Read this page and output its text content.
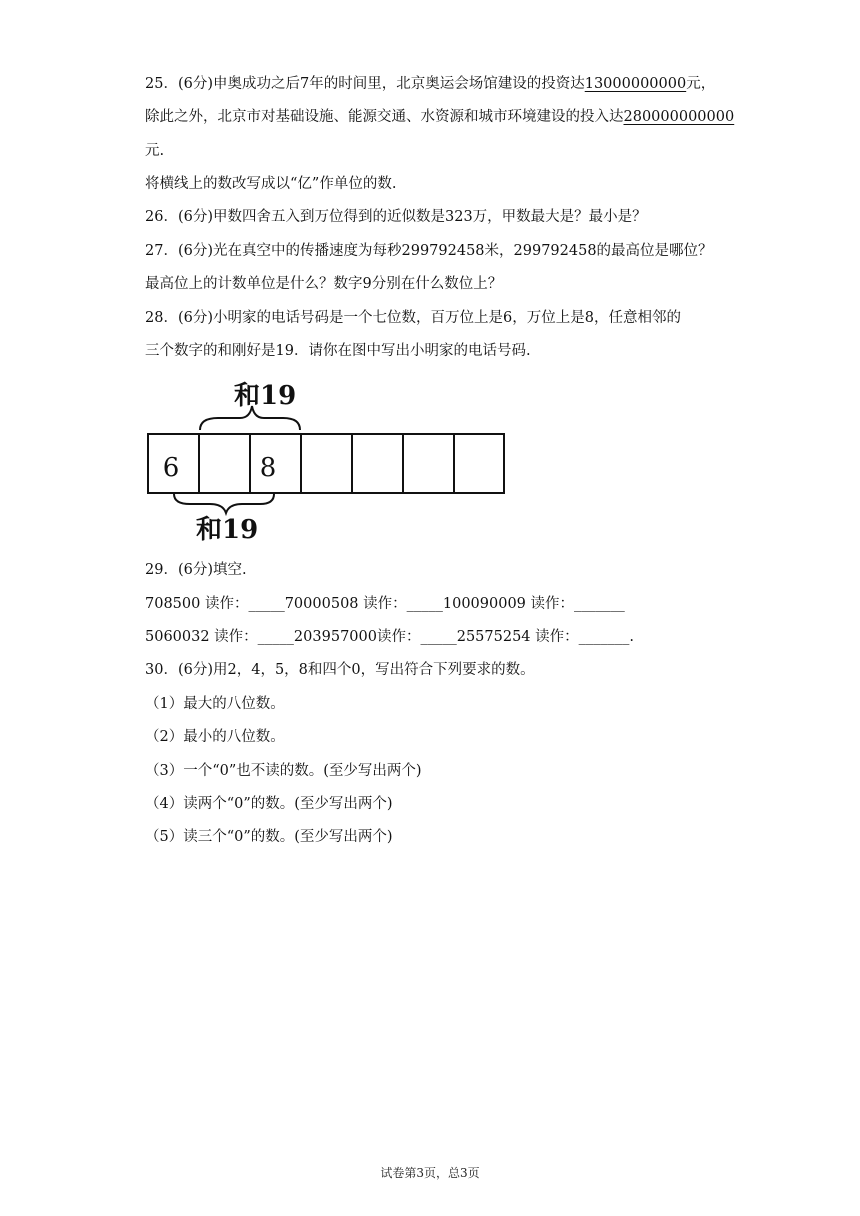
25．(6分)申奥成功之后7年的时间里，北京奥运会场馆建设的投资达13000000000元，
除此之外，北京市对基础设施、能源交通、水资源和城市环境建设的投入达280000000000
元.
将横线上的数改写成以“亿”作单位的数.
26．(6分)甲数四舍五入到万位得到的近似数是323万，甲数最大是？最小是？
27．(6分)光在真空中的传播速度为每秒299792458米，299792458的最高位是哪位？
最高位上的计数单位是什么？数字9分别在什么数位上？
28．(6分)小明家的电话号码是一个七位数，百万位上是6，万位上是8，任意相邻的
三个数字的和刚好是19．请你在图中写出小明家的电话号码.
和19
6	8
和19
29．(6分)填空.
708500 读作：_____70000508 读作：_____100090009 读作：_______
5060032 读作：_____203957000读作：_____25575254 读作：_______.
30．(6分)用2，4，5，8和四个0，写出符合下列要求的数。
（1）最大的八位数。
（2）最小的八位数。
（3）一个“0”也不读的数。(至少写出两个)
（4）读两个“0”的数。(至少写出两个)
（5）读三个“0”的数。(至少写出两个)
试卷第3页，总3页
